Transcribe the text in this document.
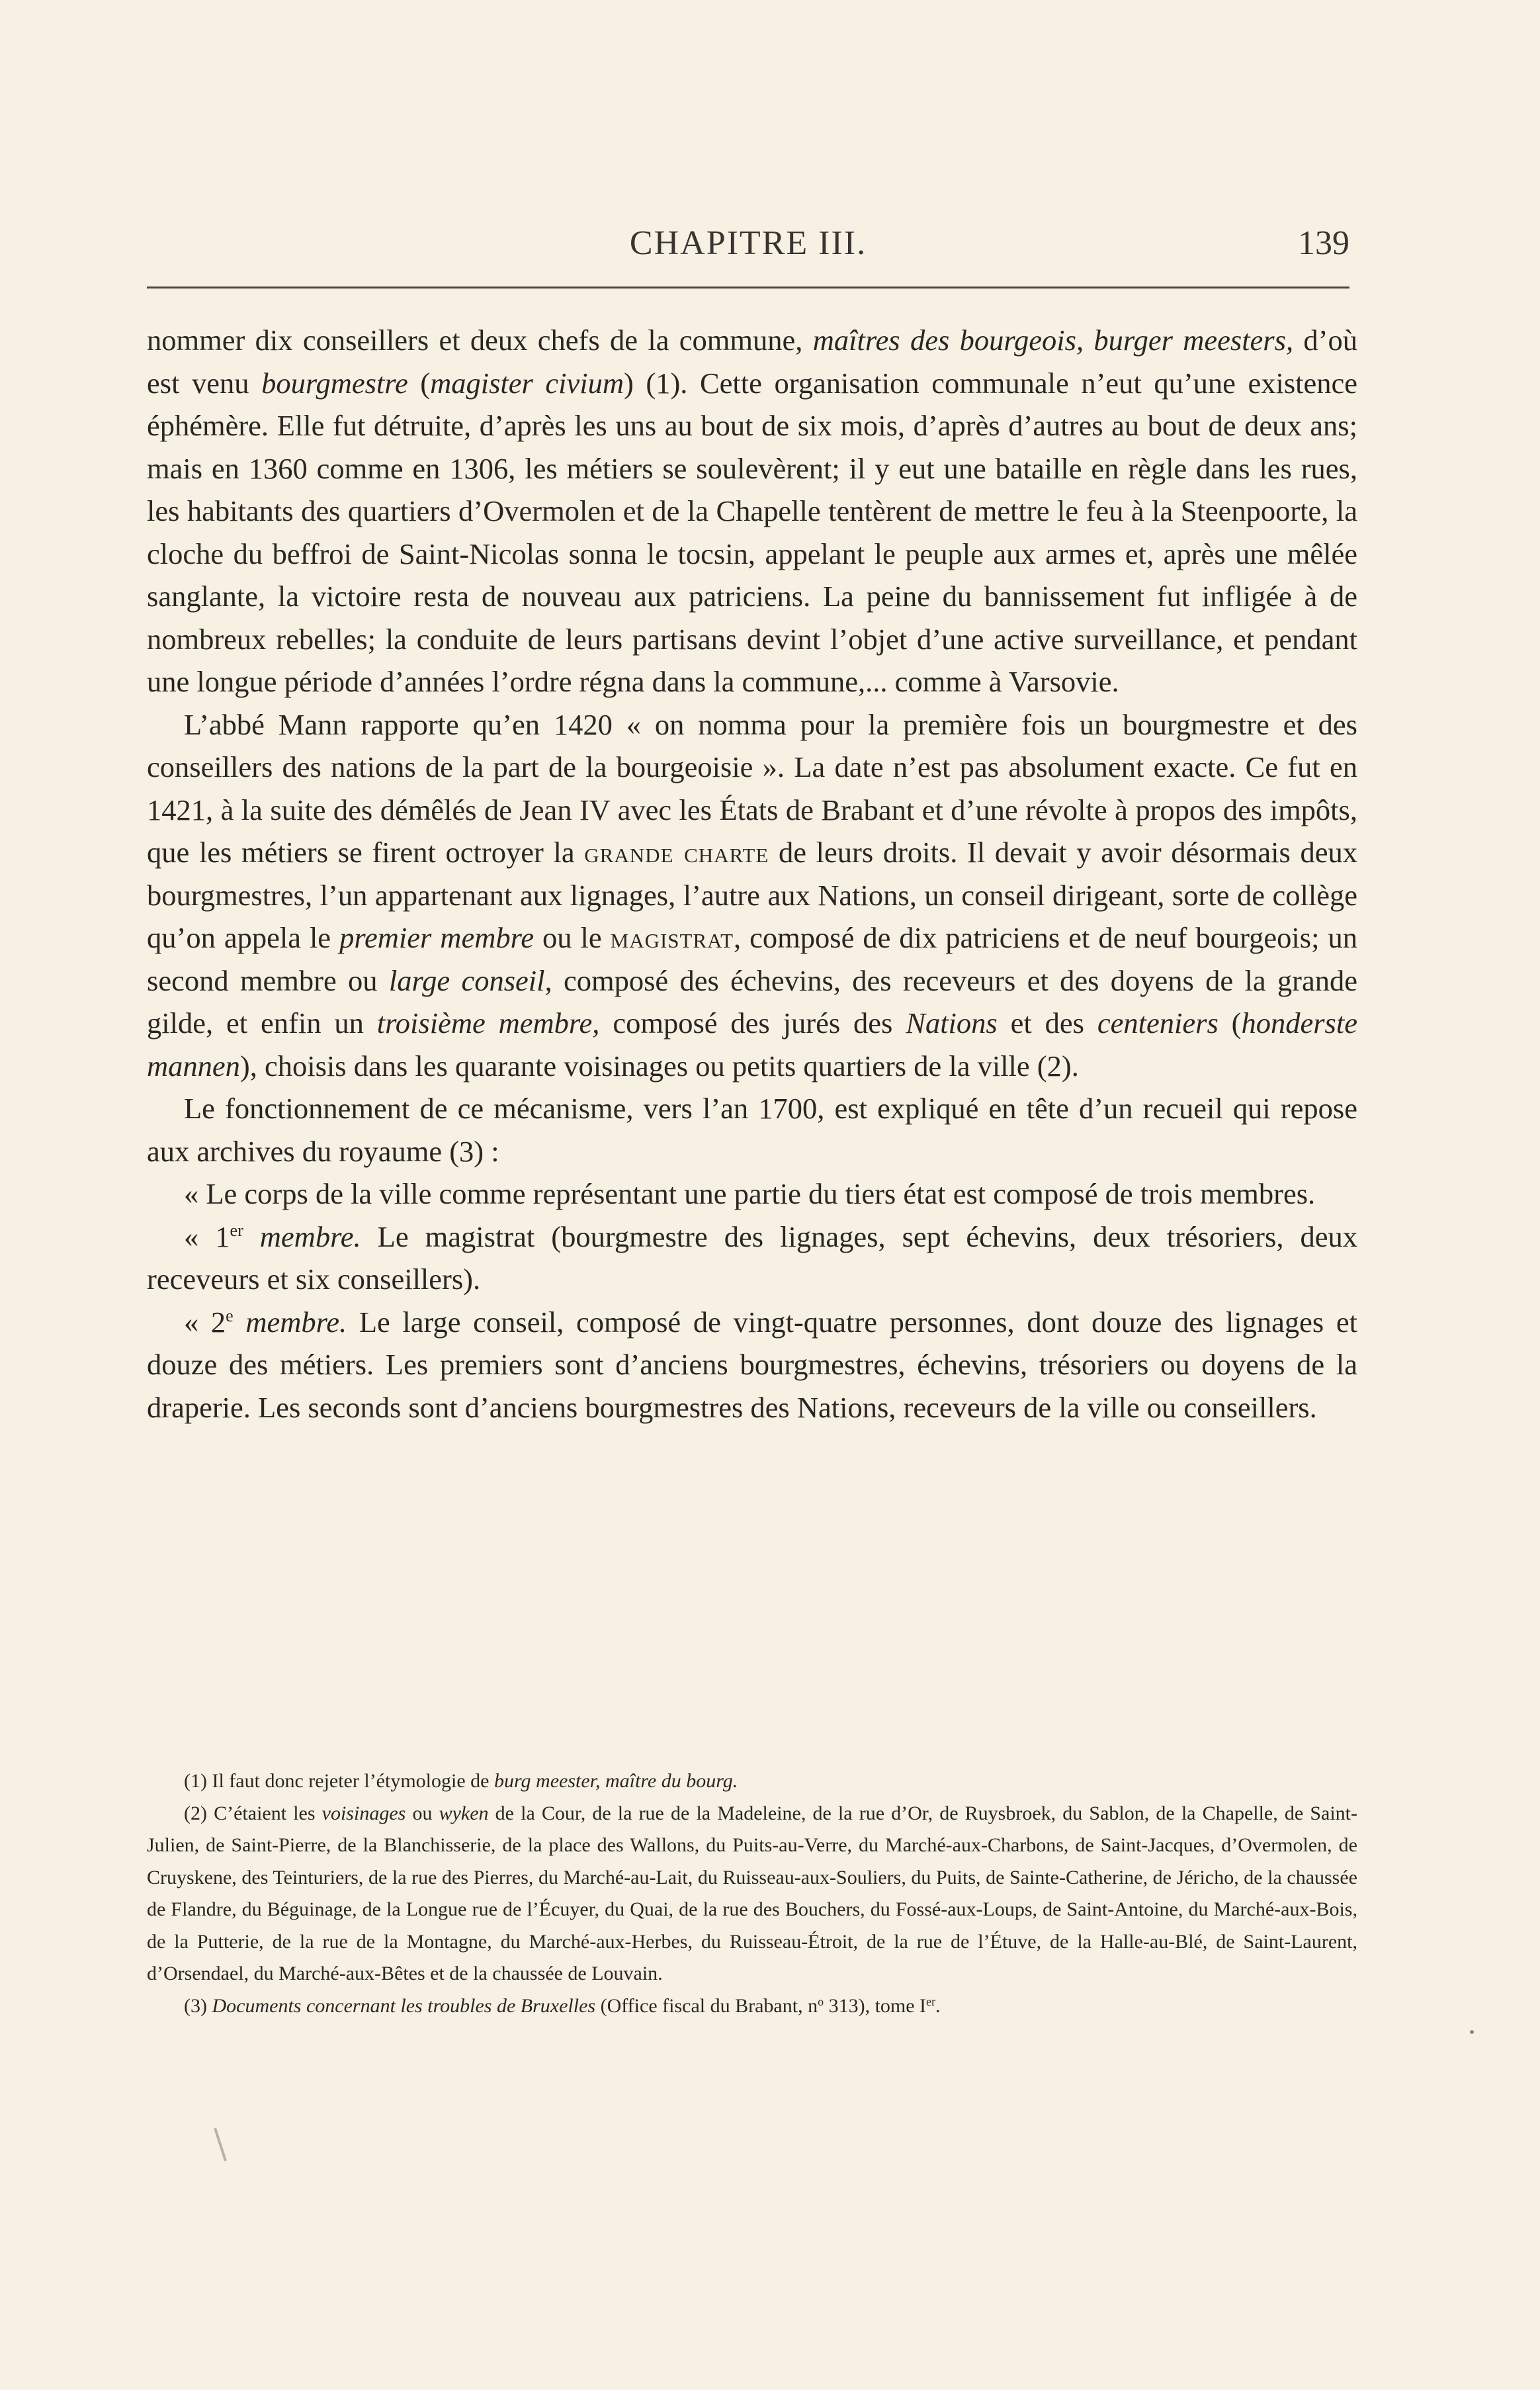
CHAPITRE III.	139

nommer dix conseillers et deux chefs de la commune, maîtres des bourgeois, burger meesters, d’où est venu bourgmestre (magister civium) (1). Cette organisation communale n’eut qu’une existence éphémère. Elle fut détruite, d’après les uns au bout de six mois, d’après d’autres au bout de deux ans; mais en 1360 comme en 1306, les métiers se soulevèrent; il y eut une bataille en règle dans les rues, les habitants des quartiers d’Overmolen et de la Chapelle tentèrent de mettre le feu à la Steenpoorte, la cloche du beffroi de Saint-Nicolas sonna le tocsin, appelant le peuple aux armes et, après une mêlée sanglante, la victoire resta de nouveau aux patriciens. La peine du bannissement fut infligée à de nombreux rebelles; la conduite de leurs partisans devint l’objet d’une active surveillance, et pendant une longue période d’années l’ordre régna dans la commune,... comme à Varsovie.

L’abbé Mann rapporte qu’en 1420 « on nomma pour la première fois un bourgmestre et des conseillers des nations de la part de la bourgeoisie ». La date n’est pas absolument exacte. Ce fut en 1421, à la suite des démêlés de Jean IV avec les États de Brabant et d’une révolte à propos des impôts, que les métiers se firent octroyer la grande charte de leurs droits. Il devait y avoir désormais deux bourgmestres, l’un appartenant aux lignages, l’autre aux Nations, un conseil dirigeant, sorte de collège qu’on appela le premier membre ou le magistrat, composé de dix patriciens et de neuf bourgeois; un second membre ou large conseil, composé des échevins, des receveurs et des doyens de la grande gilde, et enfin un troisième membre, composé des jurés des Nations et des centeniers (honderste mannen), choisis dans les quarante voisinages ou petits quartiers de la ville (2).

Le fonctionnement de ce mécanisme, vers l’an 1700, est expliqué en tête d’un recueil qui repose aux archives du royaume (3) :

« Le corps de la ville comme représentant une partie du tiers état est composé de trois membres.

« 1er membre. Le magistrat (bourgmestre des lignages, sept échevins, deux trésoriers, deux receveurs et six conseillers).

« 2e membre. Le large conseil, composé de vingt-quatre personnes, dont douze des lignages et douze des métiers. Les premiers sont d’anciens bourgmestres, échevins, trésoriers ou doyens de la draperie. Les seconds sont d’anciens bourgmestres des Nations, receveurs de la ville ou conseillers.

(1) Il faut donc rejeter l’étymologie de burg meester, maître du bourg.

(2) C’étaient les voisinages ou wyken de la Cour, de la rue de la Madeleine, de la rue d’Or, de Ruysbroek, du Sablon, de la Chapelle, de Saint-Julien, de Saint-Pierre, de la Blanchisserie, de la place des Wallons, du Puits-au-Verre, du Marché-aux-Charbons, de Saint-Jacques, d’Overmolen, de Cruyskene, des Teinturiers, de la rue des Pierres, du Marché-au-Lait, du Ruisseau-aux-Souliers, du Puits, de Sainte-Catherine, de Jéricho, de la chaussée de Flandre, du Béguinage, de la Longue rue de l’Écuyer, du Quai, de la rue des Bouchers, du Fossé-aux-Loups, de Saint-Antoine, du Marché-aux-Bois, de la Putterie, de la rue de la Montagne, du Marché-aux-Herbes, du Ruisseau-Étroit, de la rue de l’Étuve, de la Halle-au-Blé, de Saint-Laurent, d’Orsendael, du Marché-aux-Bêtes et de la chaussée de Louvain.

(3) Documents concernant les troubles de Bruxelles (Office fiscal du Brabant, $n^o$ 313), tome Ier.
